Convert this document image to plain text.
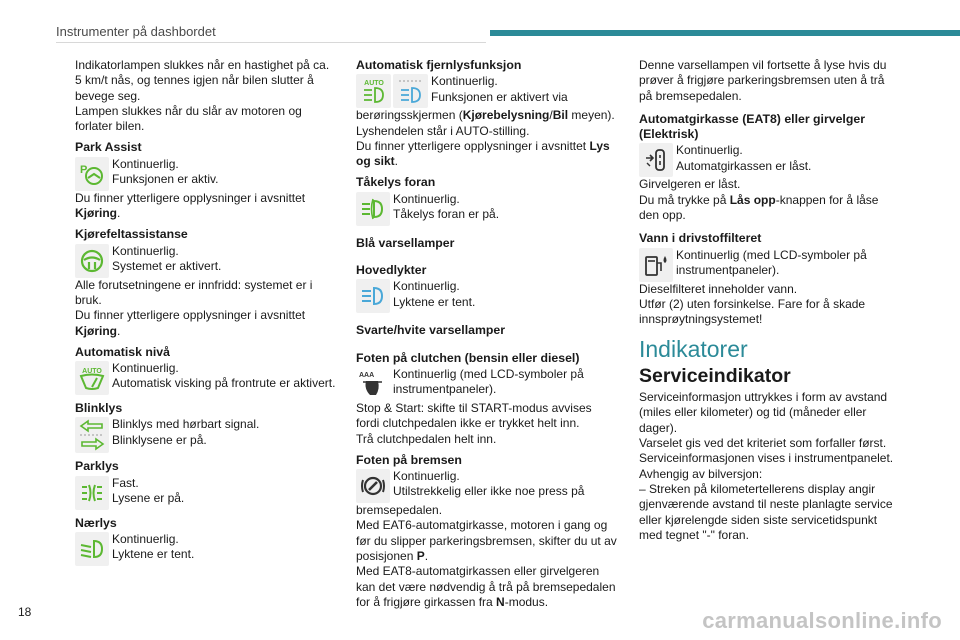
Instrumenter på dashbordet
Indikatorlampen slukkes når en hastighet på ca.
5 km/t nås, og tennes igjen når bilen slutter å
bevege seg.
Lampen slukkes når du slår av motoren og
forlater bilen.
Park Assist
P Kontinuerlig.
Funksjonen er aktiv.
Du finner ytterligere opplysninger i avsnittet
Kjøring.
Kjørefeltassistanse
Kontinuerlig.
Systemet er aktivert.
Alle forutsetningene er innfridd: systemet er i
bruk.
Du finner ytterligere opplysninger i avsnittet
Kjøring.
Automatisk nivå
AUTO Kontinuerlig.
Automatisk visking på frontrute er aktivert.
Blinklys
Blinklys med hørbart signal.
Blinklysene er på.
Parklys
Fast.
Lysene er på.
Nærlys
Kontinuerlig.
Lyktene er tent.
Automatisk fjernlysfunksjon
AUTO	Kontinuerlig.
Funksjonen er aktivert via
berøringsskjermen (Kjørebelysning/Bil meyen).
Lyshendelen står i AUTO-stilling.
Du finner ytterligere opplysninger i avsnittet Lys
og sikt.
Tåkelys foran
Kontinuerlig.
Tåkelys foran er på.
Blå varsellamper
Hovedlykter
Kontinuerlig.
Lyktene er tent.
Svarte/hvite varsellamper
Foten på clutchen (bensin eller diesel)
AAA Kontinuerlig (med LCD-symboler på
instrumentpaneler).
Stop & Start: skifte til START-modus avvises
fordi clutchpedalen ikke er trykket helt inn.
Trå clutchpedalen helt inn.
Foten på bremsen
Kontinuerlig.
Utilstrekkelig eller ikke noe press på
bremsepedalen.
Med EAT6-automatgirkasse, motoren i gang og
før du slipper parkeringsbremsen, skifter du ut av
posisjonen P.
Med EAT8-automatgirkassen eller girvelgeren
kan det være nødvendig å trå på bremsepedalen
for å frigjøre girkassen fra N-modus.
Denne varsellampen vil fortsette å lyse hvis du
prøver å frigjøre parkeringsbremsen uten å trå
på bremsepedalen.
Automatgirkasse (EAT8) eller girvelger
(Elektrisk)
Kontinuerlig.
Automatgirkassen er låst.
Girvelgeren er låst.
Du må trykke på Lås opp-knappen for å låse
den opp.
Vann i drivstoffilteret
Kontinuerlig (med LCD-symboler på
instrumentpaneler).
Dieselfilteret inneholder vann.
Utfør (2) uten forsinkelse. Fare for å skade
innsprøytningsystemet!
Indikatorer
Serviceindikator
Serviceinformasjon uttrykkes i form av avstand
(miles eller kilometer) og tid (måneder eller
dager).
Varselet gis ved det kriteriet som forfaller først.
Serviceinformasjonen vises i instrumentpanelet.
Avhengig av bilversjon:
– Streken på kilometertellerens display angir
gjenværende avstand til neste planlagte service
eller kjørelengde siden siste servicetidspunkt
med tegnet "-" foran.
18	carmanualsonline.info
